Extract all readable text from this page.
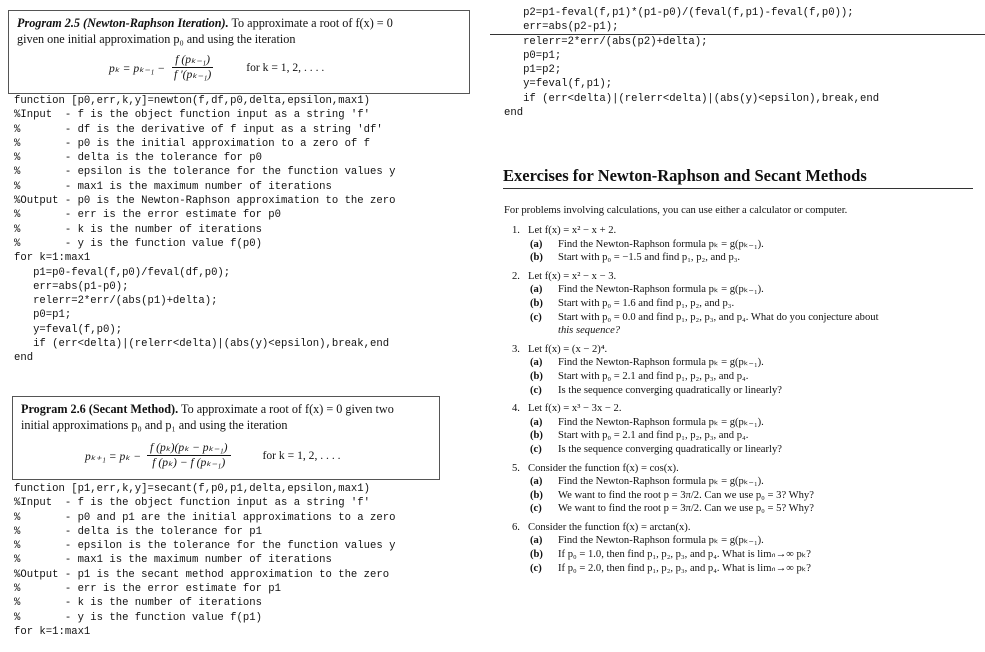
Program 2.5 (Newton-Raphson Iteration). To approximate a root of f(x) = 0
given one initial approximation p₀ and using the iteration
$p_k = p_{k-1} - \frac{\text{f (pₖ₋₁)}}{\text{f ′(pₖ₋₁)}}$	for k = 1, 2, . . . .
function [p0,err,k,y]=newton(f,df,p0,delta,epsilon,max1)
%Input  - f is the object function input as a string 'f'
%       - df is the derivative of f input as a string 'df'
%       - p0 is the initial approximation to a zero of f
%       - delta is the tolerance for p0
%       - epsilon is the tolerance for the function values y
%       - max1 is the maximum number of iterations
%Output - p0 is the Newton-Raphson approximation to the zero
%       - err is the error estimate for p0
%       - k is the number of iterations
%       - y is the function value f(p0)
for k=1:max1
p1=p0-feval(f,p0)/feval(df,p0);
err=abs(p1-p0);
relerr=2*err/(abs(p1)+delta);
p0=p1;
y=feval(f,p0);
if (err<delta)|(relerr<delta)|(abs(y)<epsilon),break,end
end
Program 2.6 (Secant Method). To approximate a root of f(x) = 0 given two
initial approximations p₀ and p₁ and using the iteration
$p_{k+1} = p_k - \frac{\text{f (pₖ)(pₖ − pₖ₋₁)}}{\text{f (pₖ) − f (pₖ₋₁)}}$	for k = 1, 2, . . . .
function [p1,err,k,y]=secant(f,p0,p1,delta,epsilon,max1)
%Input  - f is the object function input as a string 'f'
%       - p0 and p1 are the initial approximations to a zero
%       - delta is the tolerance for p1
%       - epsilon is the tolerance for the function values y
%       - max1 is the maximum number of iterations
%Output - p1 is the secant method approximation to the zero
%       - err is the error estimate for p1
%       - k is the number of iterations
%       - y is the function value f(p1)
for k=1:max1
p2=p1-feval(f,p1)*(p1-p0)/(feval(f,p1)-feval(f,p0));
err=abs(p2-p1);
relerr=2*err/(abs(p2)+delta);
p0=p1;
p1=p2;
y=feval(f,p1);
if (err<delta)|(relerr<delta)|(abs(y)<epsilon),break,end
end
Exercises for Newton-Raphson and Secant Methods
For problems involving calculations, you can use either a calculator or computer.
1. Let f(x) = x² − x + 2.
(a) Find the Newton-Raphson formula pₖ = g(pₖ₋₁).
(b) Start with p₀ = −1.5 and find p₁, p₂, and p₃.
2. Let f(x) = x² − x − 3.
(a) Find the Newton-Raphson formula pₖ = g(pₖ₋₁).
(b) Start with p₀ = 1.6 and find p₁, p₂, and p₃.
(c) Start with p₀ = 0.0 and find p₁, p₂, p₃, and p₄. What do you conjecture about
this sequence?
3. Let f(x) = (x − 2)⁴.
(a) Find the Newton-Raphson formula pₖ = g(pₖ₋₁).
(b) Start with p₀ = 2.1 and find p₁, p₂, p₃, and p₄.
(c) Is the sequence converging quadratically or linearly?
4. Let f(x) = x³ − 3x − 2.
(a) Find the Newton-Raphson formula pₖ = g(pₖ₋₁).
(b) Start with p₀ = 2.1 and find p₁, p₂, p₃, and p₄.
(c) Is the sequence converging quadratically or linearly?
5. Consider the function f(x) = cos(x).
(a) Find the Newton-Raphson formula pₖ = g(pₖ₋₁).
(b) We want to find the root p = 3π/2. Can we use p₀ = 3? Why?
(c) We want to find the root p = 3π/2. Can we use p₀ = 5? Why?
6. Consider the function f(x) = arctan(x).
(a) Find the Newton-Raphson formula pₖ = g(pₖ₋₁).
(b) If p₀ = 1.0, then find p₁, p₂, p₃, and p₄. What is limₙ→∞ pₖ?
(c) If p₀ = 2.0, then find p₁, p₂, p₃, and p₄. What is limₙ→∞ pₖ?
